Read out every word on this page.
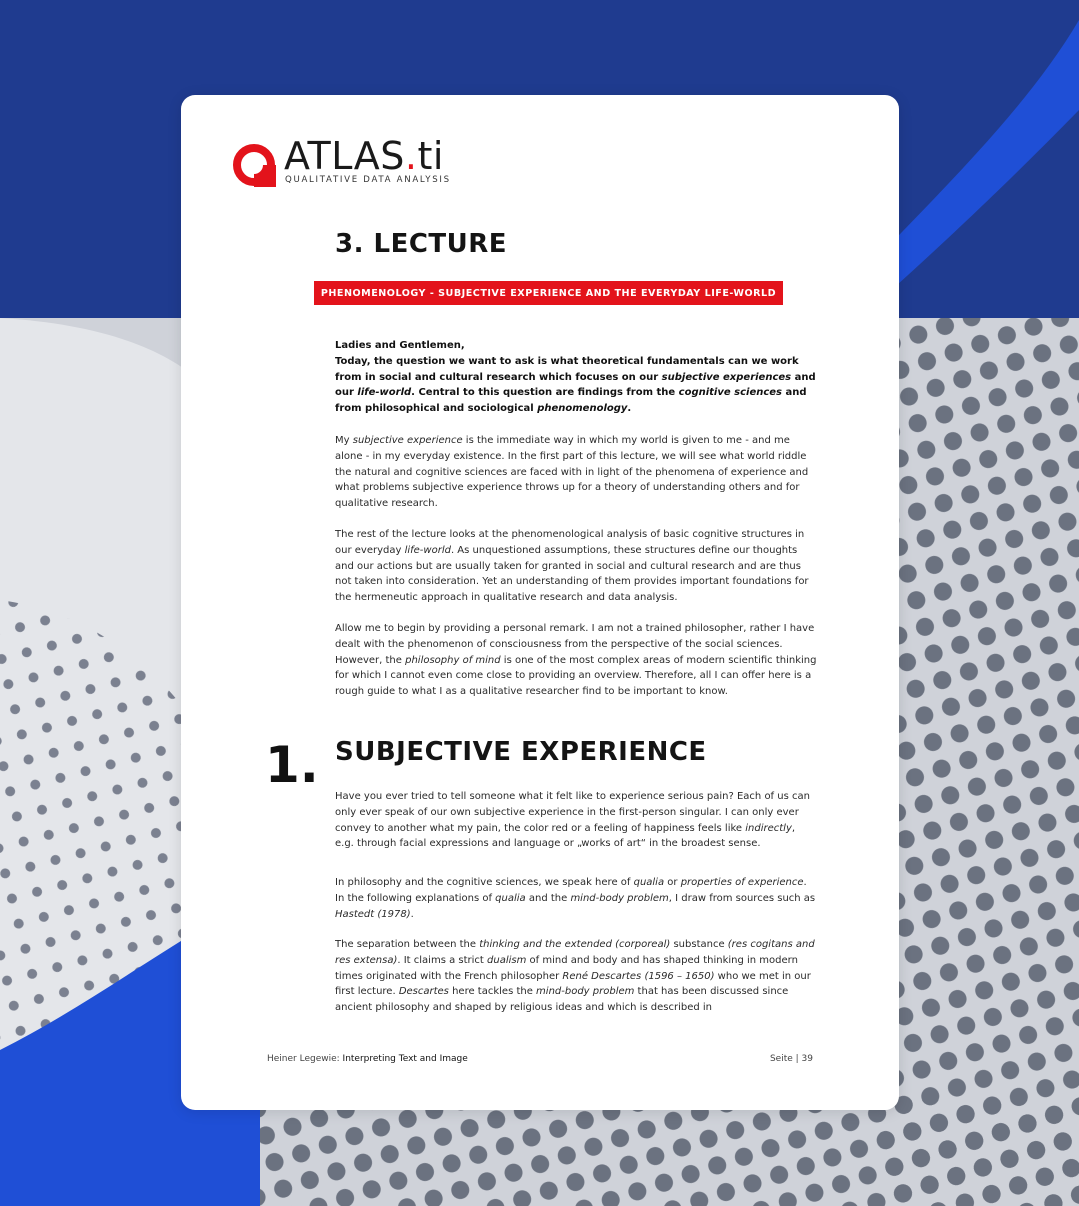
ATLAS.ti
QUALITATIVE DATA ANALYSIS
3. LECTURE
PHENOMENOLOGY - SUBJECTIVE EXPERIENCE AND THE EVERYDAY LIFE-WORLD

Ladies and Gentlemen,

Today, the question we want to ask is what theoretical fundamentals can we work from in social and cultural research which focuses on our subjective experiences and our life-world. Central to this question are findings from the cognitive sciences and from philosophical and sociological phenomenology.

My subjective experience is the immediate way in which my world is given to me - and me alone - in my everyday existence. In the first part of this lecture, we will see what world riddle the natural and cognitive sciences are faced with in light of the phenomena of experience and what problems subjective experience throws up for a theory of understanding others and for qualitative research.

The rest of the lecture looks at the phenomenological analysis of basic cognitive structures in our everyday life-world. As unquestioned assumptions, these structures define our thoughts and our actions but are usually taken for granted in social and cultural research and are thus not taken into consideration. Yet an understanding of them provides important foundations for the hermeneutic approach in qualitative research and data analysis.

Allow me to begin by providing a personal remark. I am not a trained philosopher, rather I have dealt with the phenomenon of consciousness from the perspective of the social sciences. However, the philosophy of mind is one of the most complex areas of modern scientific thinking for which I cannot even come close to providing an overview. Therefore, all I can offer here is a rough guide to what I as a qualitative researcher find to be important to know.

1. SUBJECTIVE EXPERIENCE

Have you ever tried to tell someone what it felt like to experience serious pain? Each of us can only ever speak of our own subjective experience in the first-person singular. I can only ever convey to another what my pain, the color red or a feeling of happiness feels like indirectly, e.g. through facial expressions and language or „works of art“ in the broadest sense.

In philosophy and the cognitive sciences, we speak here of qualia or properties of experience. In the following explanations of qualia and the mind-body problem, I draw from sources such as Hastedt (1978).

The separation between the thinking and the extended (corporeal) substance (res cogitans and res extensa). It claims a strict dualism of mind and body and has shaped thinking in modern times originated with the French philosopher René Descartes (1596 – 1650) who we met in our first lecture. Descartes here tackles the mind-body problem that has been discussed since ancient philosophy and shaped by religious ideas and which is described in

Heiner Legewie: Interpreting Text and Image	Seite | 39
